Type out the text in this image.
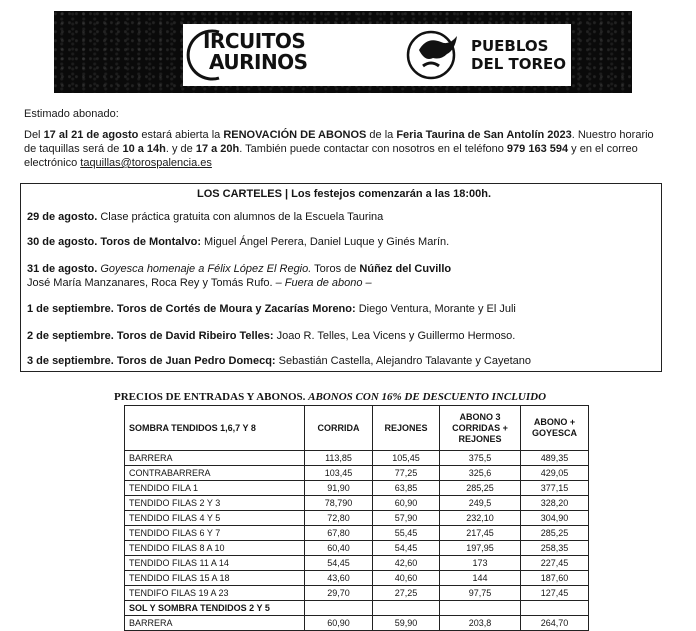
IRCUITOS
AURINOS
PUEBLOS
DEL TOREO
Estimado abonado:
Del 17 al 21 de agosto estará abierta la RENOVACIÓN DE ABONOS de la Feria Taurina de San Antolín 2023. Nuestro horario de taquillas será de 10 a 14h. y de 17 a 20h. También puede contactar con nosotros en el teléfono 979 163 594 y en el correo electrónico taquillas@torospalencia.es
LOS CARTELES | Los festejos comenzarán a las 18:00h.
29 de agosto. Clase práctica gratuita con alumnos de la Escuela Taurina
30 de agosto. Toros de Montalvo: Miguel Ángel Perera, Daniel Luque y Ginés Marín.
31 de agosto. Goyesca homenaje a Félix López El Regio. Toros de Núñez del Cuvillo
José María Manzanares, Roca Rey y Tomás Rufo. – Fuera de abono –
1 de septiembre. Toros de Cortés de Moura y Zacarías Moreno: Diego Ventura, Morante y El Juli
2 de septiembre. Toros de David Ribeiro Telles: Joao R. Telles, Lea Vicens y Guillermo Hermoso.
3 de septiembre. Toros de Juan Pedro Domecq: Sebastián Castella, Alejandro Talavante y Cayetano
PRECIOS DE ENTRADAS Y ABONOS. ABONOS CON 16% DE DESCUENTO INCLUIDO
SOMBRA TENDIDOS 1,6,7 Y 8	CORRIDA	REJONES	ABONO 3 CORRIDAS + REJONES	ABONO + GOYESCA
BARRERA	113,85	105,45	375,5	489,35
CONTRABARRERA	103,45	77,25	325,6	429,05
TENDIDO FILA 1	91,90	63,85	285,25	377,15
TENDIDO FILAS 2 Y 3	78,790	60,90	249,5	328,20
TENDIDO FILAS 4 Y 5	72,80	57,90	232,10	304,90
TENDIDO FILAS 6 Y 7	67,80	55,45	217,45	285,25
TENDIDO FILAS 8 A 10	60,40	54,45	197,95	258,35
TENDIDO FILAS 11 A 14	54,45	42,60	173	227,45
TENDIDO FILAS 15 A 18	43,60	40,60	144	187,60
TENDIFO FILAS 19 A 23	29,70	27,25	97,75	127,45
SOL Y SOMBRA TENDIDOS 2 Y 5				
BARRERA	60,90	59,90	203,8	264,70
